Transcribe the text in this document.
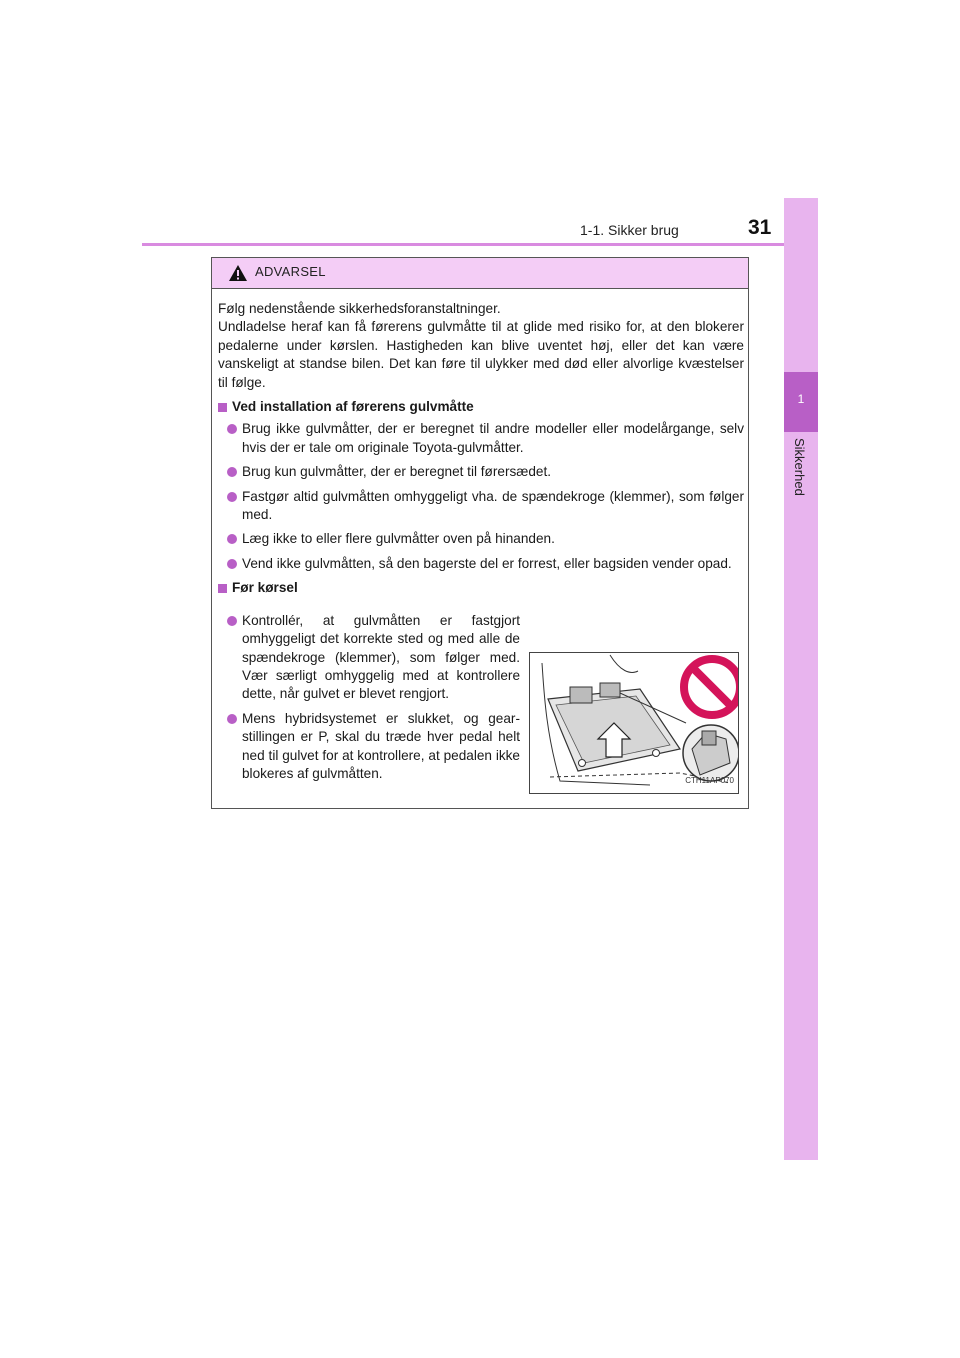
1-1. Sikker brug	31
1
Sikkerhed
ADVARSEL

Følg nedenstående sikkerhedsforanstaltninger.

Undladelse heraf kan få førerens gulvmåtte til at glide med risiko for, at den blokerer pedalerne under kørslen. Hastigheden kan blive uventet høj, eller det kan være vanskeligt at standse bilen. Det kan føre til ulykker med død eller alvorlige kvæstelser til følge.

Ved installation af førerens gulvmåtte
Brug ikke gulvmåtter, der er beregnet til andre modeller eller modelårgange, selv hvis der er tale om originale Toyota-gulvmåtter.
Brug kun gulvmåtter, der er beregnet til førersædet.
Fastgør altid gulvmåtten omhyggeligt vha. de spændekroge (klemmer), som følger med.
Læg ikke to eller flere gulvmåtter oven på hinanden.
Vend ikke gulvmåtten, så den bagerste del er forrest, eller bagsiden vender opad.
Før kørsel
Kontrollér, at gulvmåtten er fastgjort omhyggeligt det korrekte sted og med alle de spændekroge (klemmer), som følger med. Vær særligt omhyggelig med at kontrollere dette, når gulvet er blevet rengjort.
Mens hybridsystemet er slukket, og gear-stillingen er P, skal du træde hver pedal helt ned til gulvet for at kontrollere, at pedalen ikke blokeres af gulvmåtten.	CTH11AP070
